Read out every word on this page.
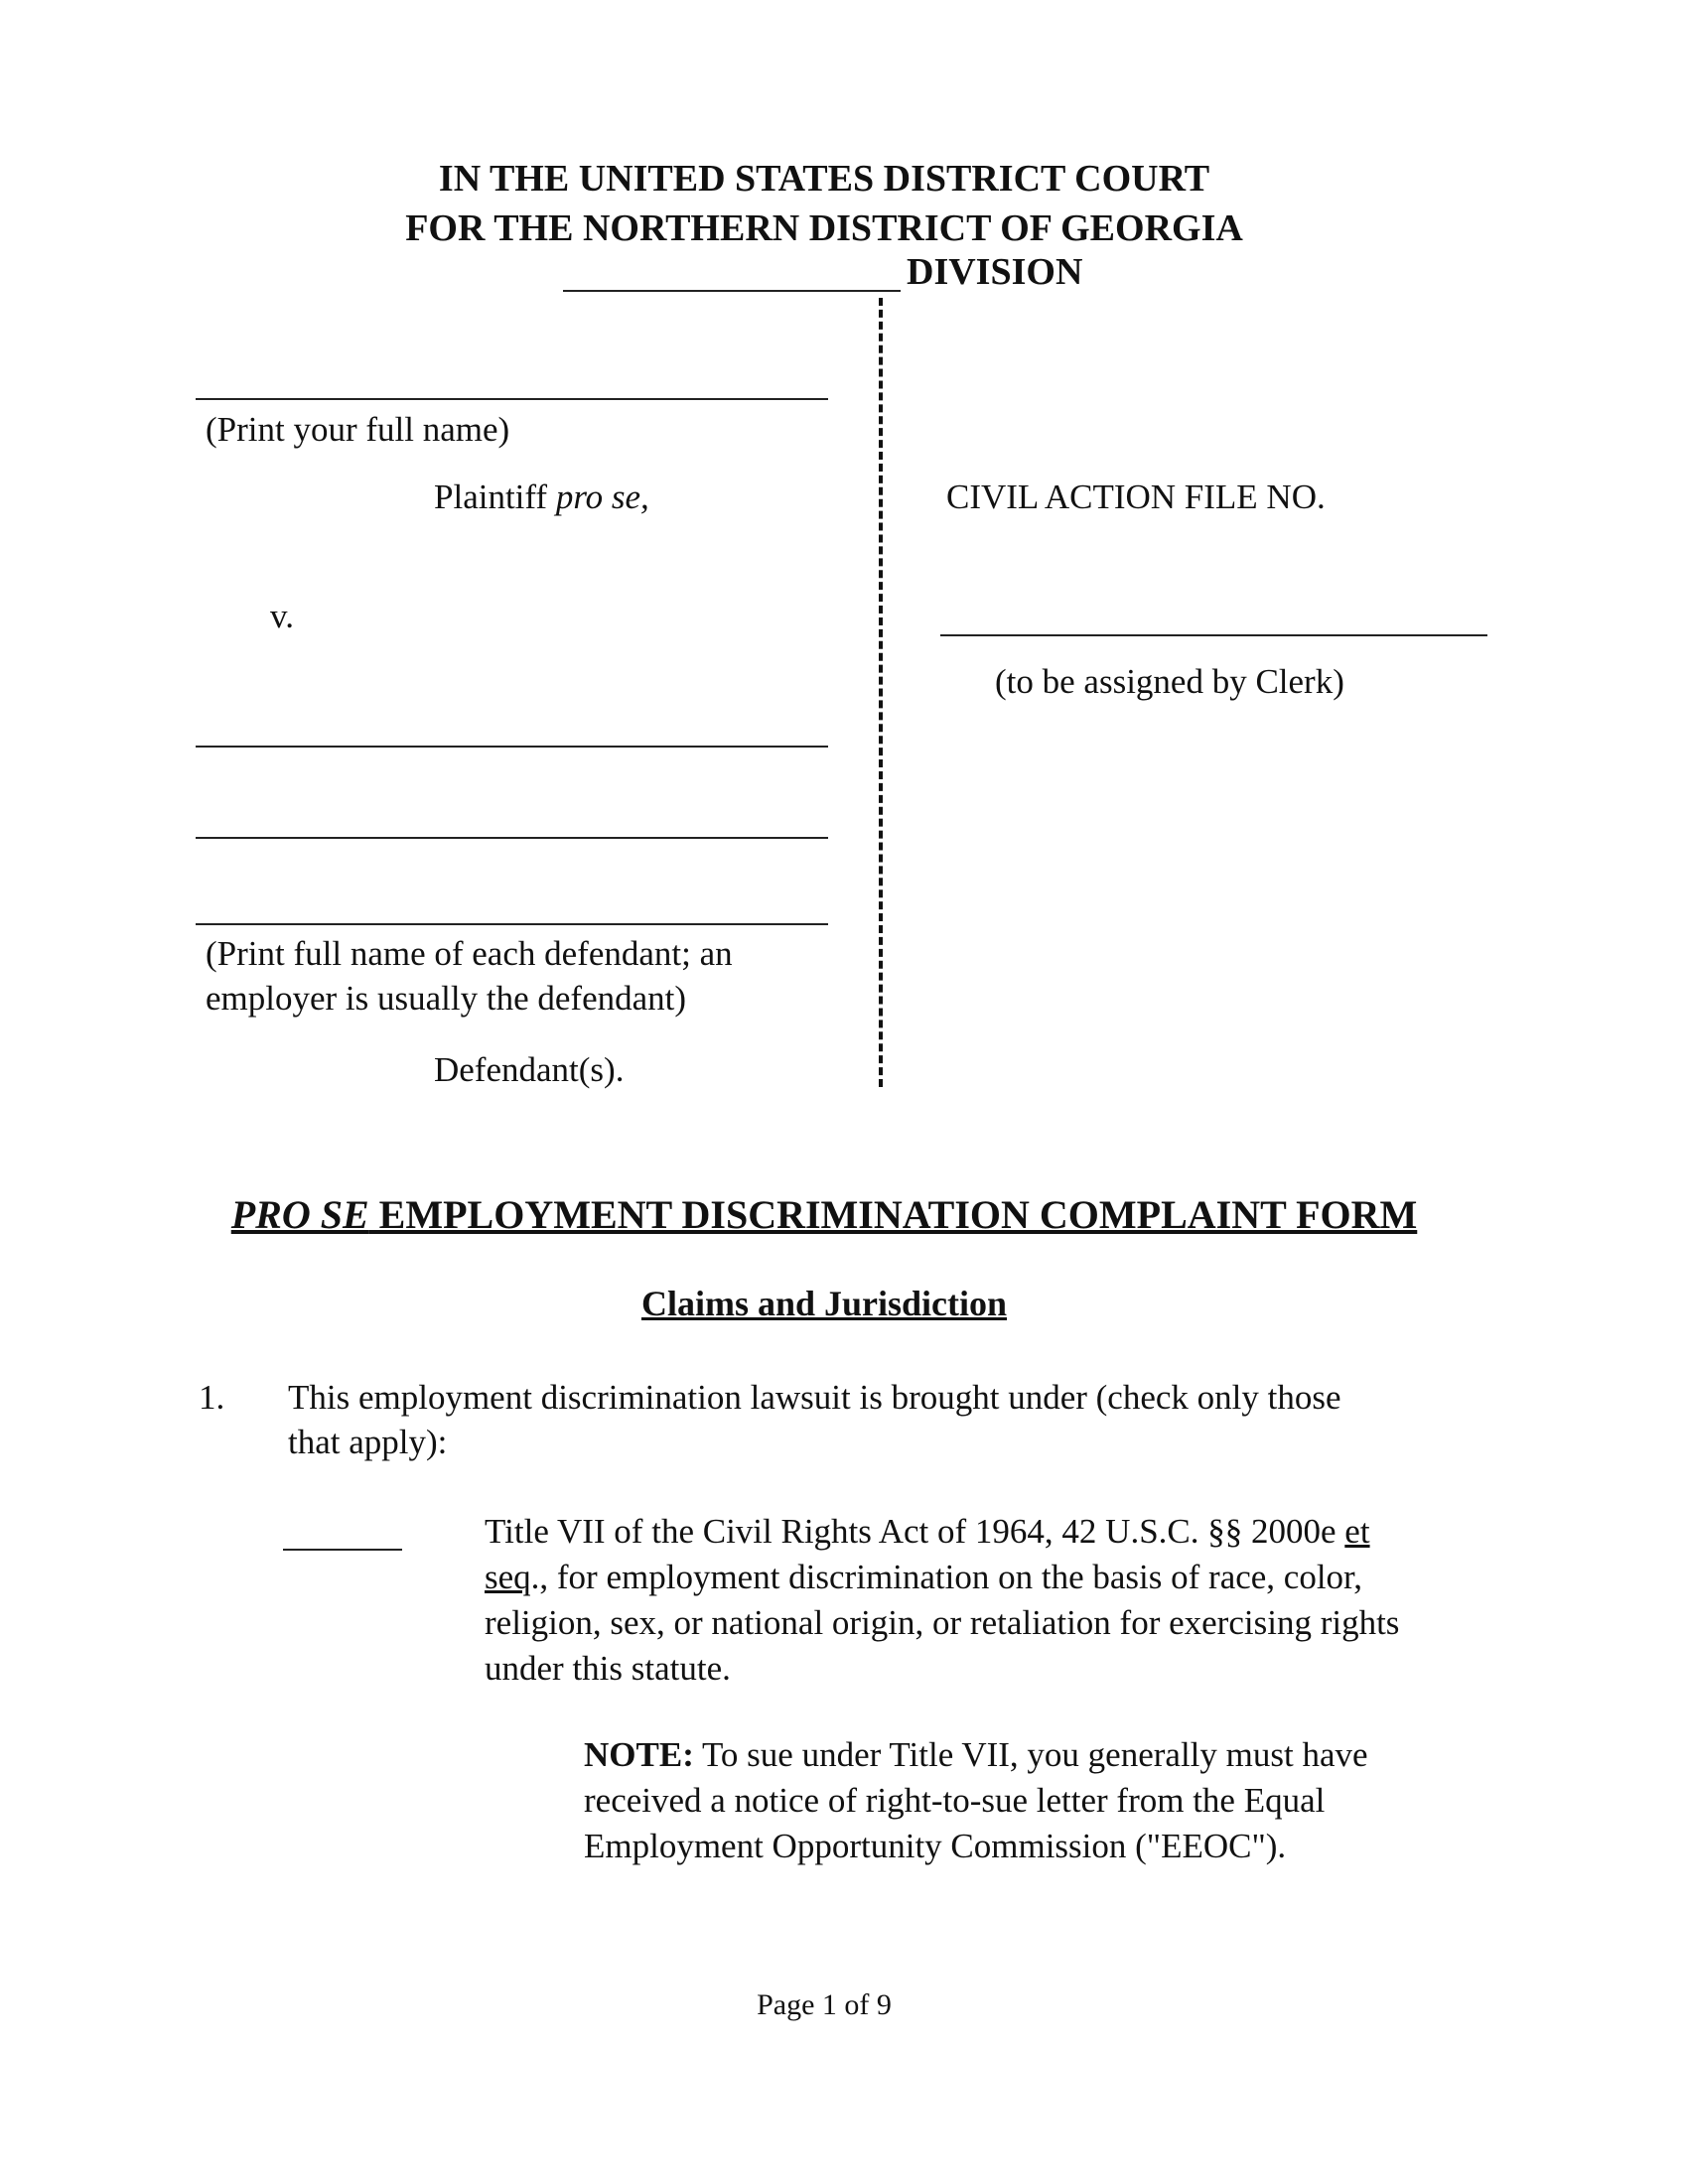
IN THE UNITED STATES DISTRICT COURT
FOR THE NORTHERN DISTRICT OF GEORGIA
DIVISION
(Print your full name)
Plaintiff pro se,
v.
(Print full name of each defendant; an
employer is usually the defendant)
Defendant(s).
CIVIL ACTION FILE NO.
(to be assigned by Clerk)
PRO SE EMPLOYMENT DISCRIMINATION COMPLAINT FORM
Claims and Jurisdiction
1. This employment discrimination lawsuit is brought under (check only those
that apply):
Title VII of the Civil Rights Act of 1964, 42 U.S.C. §§ 2000e et
seq., for employment discrimination on the basis of race, color,
religion, sex, or national origin, or retaliation for exercising rights
under this statute.
NOTE: To sue under Title VII, you generally must have
received a notice of right-to-sue letter from the Equal
Employment Opportunity Commission ("EEOC").
Page 1 of 9
